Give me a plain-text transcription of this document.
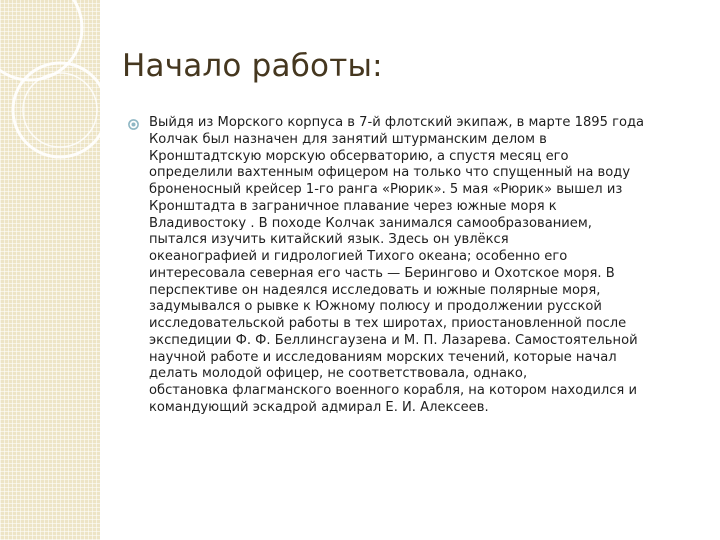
Начало работы:

Выйдя из Морского корпуса в 7-й флотский экипаж, в марте 1895 года
Колчак был назначен для занятий штурманским делом в
Кронштадтскую морскую обсерваторию, а спустя месяц его
определили вахтенным офицером на только что спущенный на воду
броненосный крейсер 1-го ранга «Рюрик». 5 мая «Рюрик» вышел из
Кронштадта в заграничное плавание через южные моря к
Владивостоку . В походе Колчак занимался самообразованием,
пытался изучить китайский язык. Здесь он увлёкся
океанографией и гидрологией Тихого океана; особенно его
интересовала северная его часть — Берингово и Охотское моря. В
перспективе он надеялся исследовать и южные полярные моря,
задумывался о рывке к Южному полюсу и продолжении русской
исследовательской работы в тех широтах, приостановленной после
экспедиции Ф. Ф. Беллинсгаузена и М. П. Лазарева. Самостоятельной
научной работе и исследованиям морских течений, которые начал
делать молодой офицер, не соответствовала, однако,
обстановка флагманского военного корабля, на котором находился и
командующий эскадрой адмирал Е. И. Алексеев.
